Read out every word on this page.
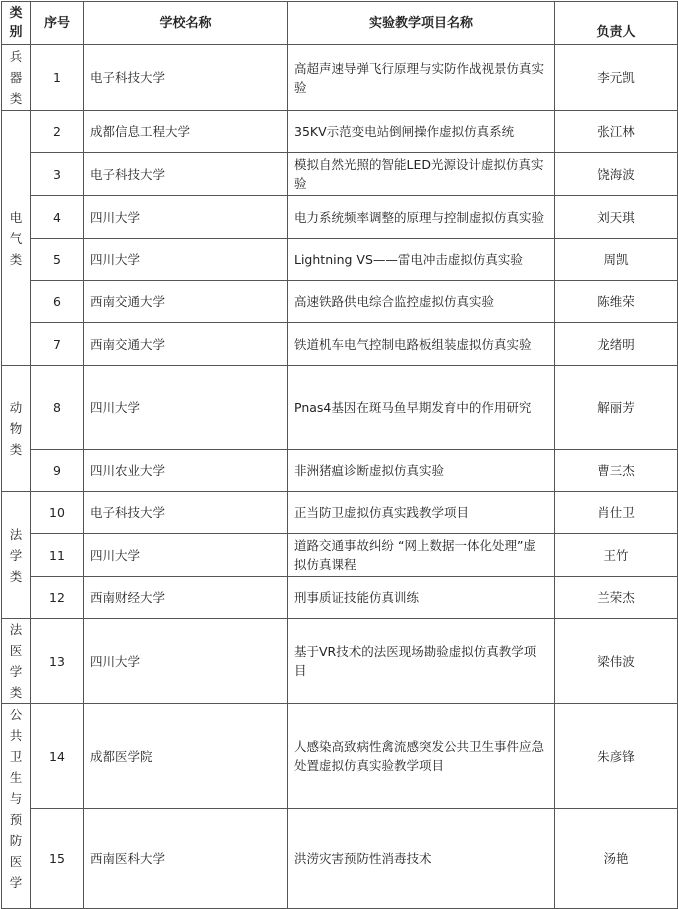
类别	序号	学校名称	实验教学项目名称	负责人
兵器类	1	电子科技大学	高超声速导弹飞行原理与实防作战视景仿真实验	李元凯
电气类	2	成都信息工程大学	35KV示范变电站倒闸操作虚拟仿真系统	张江林
	3	电子科技大学	模拟自然光照的智能LED光源设计虚拟仿真实验	饶海波
	4	四川大学	电力系统频率调整的原理与控制虚拟仿真实验	刘天琪
	5	四川大学	Lightning VS——雷电冲击虚拟仿真实验	周凯
	6	西南交通大学	高速铁路供电综合监控虚拟仿真实验	陈维荣
	7	西南交通大学	铁道机车电气控制电路板组装虚拟仿真实验	龙绪明
动物类	8	四川大学	Pnas4基因在斑马鱼早期发育中的作用研究	解丽芳
	9	四川农业大学	非洲猪瘟诊断虚拟仿真实验	曹三杰
法学类	10	电子科技大学	正当防卫虚拟仿真实践教学项目	肖仕卫
	11	四川大学	道路交通事故纠纷 “网上数据一体化处理”虚拟仿真课程	王竹
	12	西南财经大学	刑事质证技能仿真训练	兰荣杰
法医学类	13	四川大学	基于VR技术的法医现场勘验虚拟仿真教学项目	梁伟波
公共卫生与预防医学	14	成都医学院	人感染高致病性禽流感突发公共卫生事件应急处置虚拟仿真实验教学项目	朱彦锋
	15	西南医科大学	洪涝灾害预防性消毒技术	汤艳
